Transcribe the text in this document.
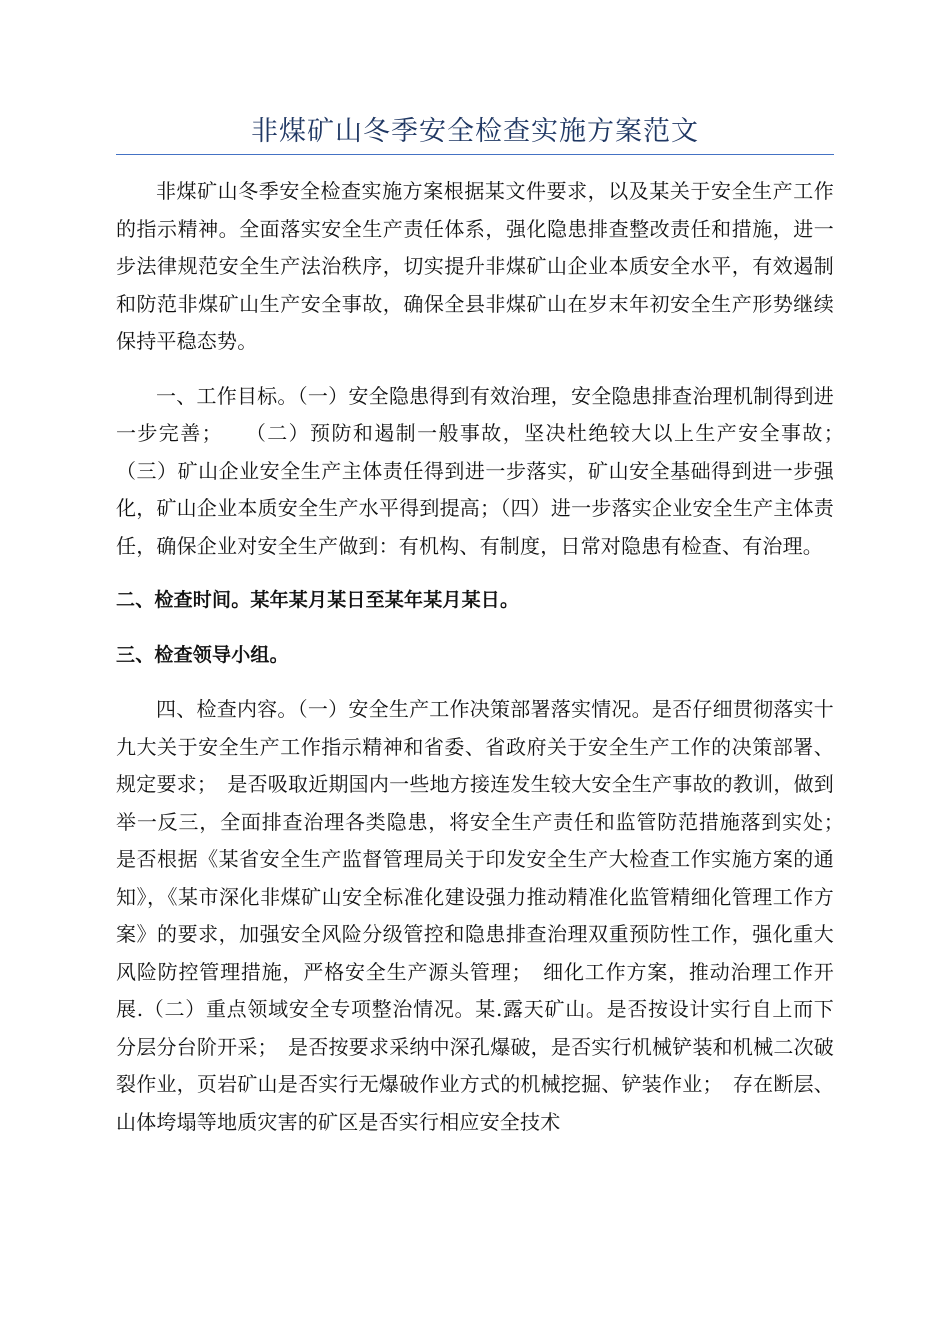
非煤矿山冬季安全检查实施方案范文

非煤矿山冬季安全检查实施方案根据某文件要求，以及某关于安全生产工作的指示精神。全面落实安全生产责任体系，强化隐患排查整改责任和措施，进一步法律规范安全生产法治秩序，切实提升非煤矿山企业本质安全水平，有效遏制和防范非煤矿山生产安全事故，确保全县非煤矿山在岁末年初安全生产形势继续保持平稳态势。

一、工作目标。（一）安全隐患得到有效治理，安全隐患排查治理机制得到进一步完善；　　（二）预防和遏制一般事故，坚决杜绝较大以上生产安全事故；　　（三）矿山企业安全生产主体责任得到进一步落实，矿山安全基础得到进一步强化，矿山企业本质安全生产水平得到提高；（四）进一步落实企业安全生产主体责任，确保企业对安全生产做到：有机构、有制度，日常对隐患有检查、有治理。

二、检查时间。某年某月某日至某年某月某日。

三、检查领导小组。

四、检查内容。（一）安全生产工作决策部署落实情况。是否仔细贯彻落实十九大关于安全生产工作指示精神和省委、省政府关于安全生产工作的决策部署、规定要求；　是否吸取近期国内一些地方接连发生较大安全生产事故的教训，做到举一反三，全面排查治理各类隐患，将安全生产责任和监管防范措施落到实处；　　是否根据《某省安全生产监督管理局关于印发安全生产大检查工作实施方案的通知》，《某市深化非煤矿山安全标准化建设强力推动精准化监管精细化管理工作方案》的要求，加强安全风险分级管控和隐患排查治理双重预防性工作，强化重大风险防控管理措施，严格安全生产源头管理；　细化工作方案，推动治理工作开展.（二）重点领域安全专项整治情况。某.露天矿山。是否按设计实行自上而下分层分台阶开采；　是否按要求采纳中深孔爆破，是否实行机械铲装和机械二次破裂作业，页岩矿山是否实行无爆破作业方式的机械挖掘、铲装作业；　存在断层、山体垮塌等地质灾害的矿区是否实行相应安全技术
